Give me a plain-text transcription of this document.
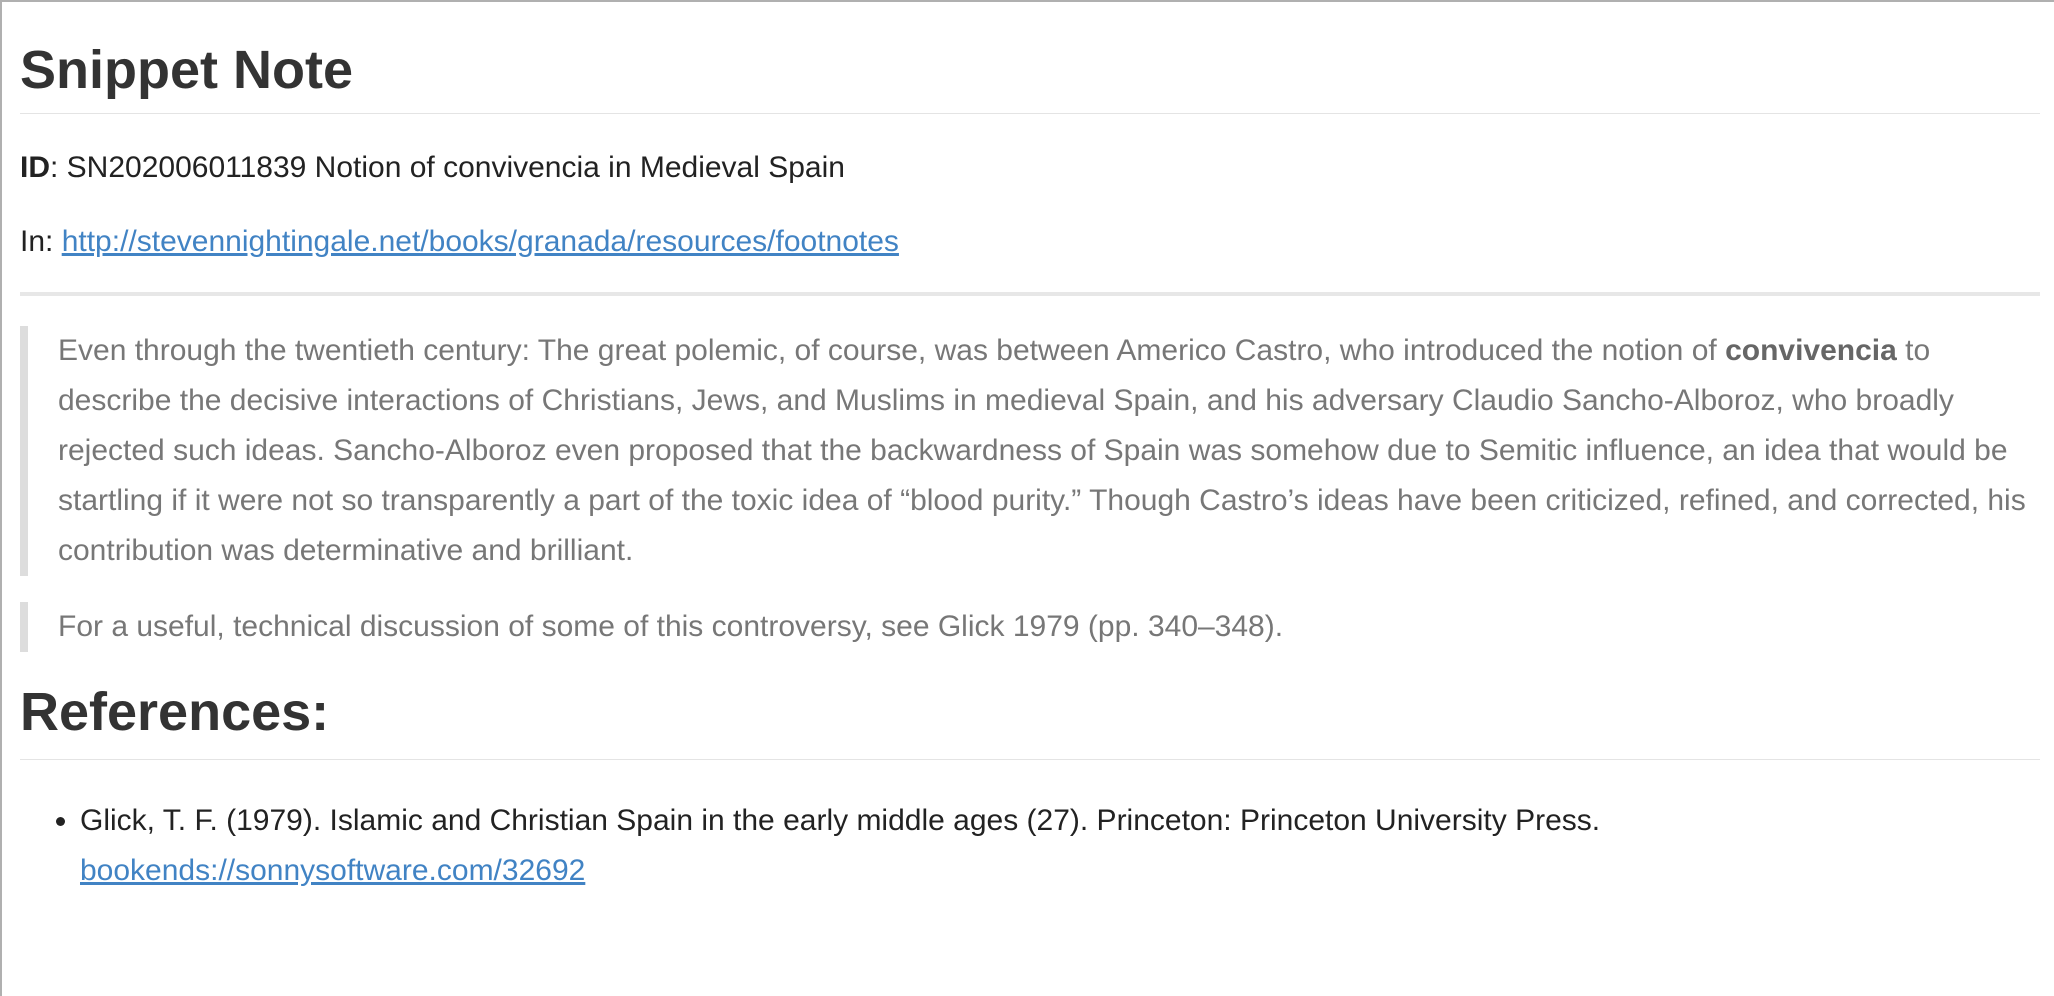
Snippet Note
ID: SN202006011839 Notion of convivencia in Medieval Spain
In: http://stevennightingale.net/books/granada/resources/footnotes
Even through the twentieth century: The great polemic, of course, was between Americo Castro, who introduced the notion of convivencia to describe the decisive interactions of Christians, Jews, and Muslims in medieval Spain, and his adversary Claudio Sancho-Alboroz, who broadly rejected such ideas. Sancho-Alboroz even proposed that the backwardness of Spain was somehow due to Semitic influence, an idea that would be startling if it were not so transparently a part of the toxic idea of “blood purity.” Though Castro’s ideas have been criticized, refined, and corrected, his contribution was determinative and brilliant.
For a useful, technical discussion of some of this controversy, see Glick 1979 (pp. 340–348).
References:
• Glick, T. F. (1979). Islamic and Christian Spain in the early middle ages (27). Princeton: Princeton University Press.
bookends://sonnysoftware.com/32692
